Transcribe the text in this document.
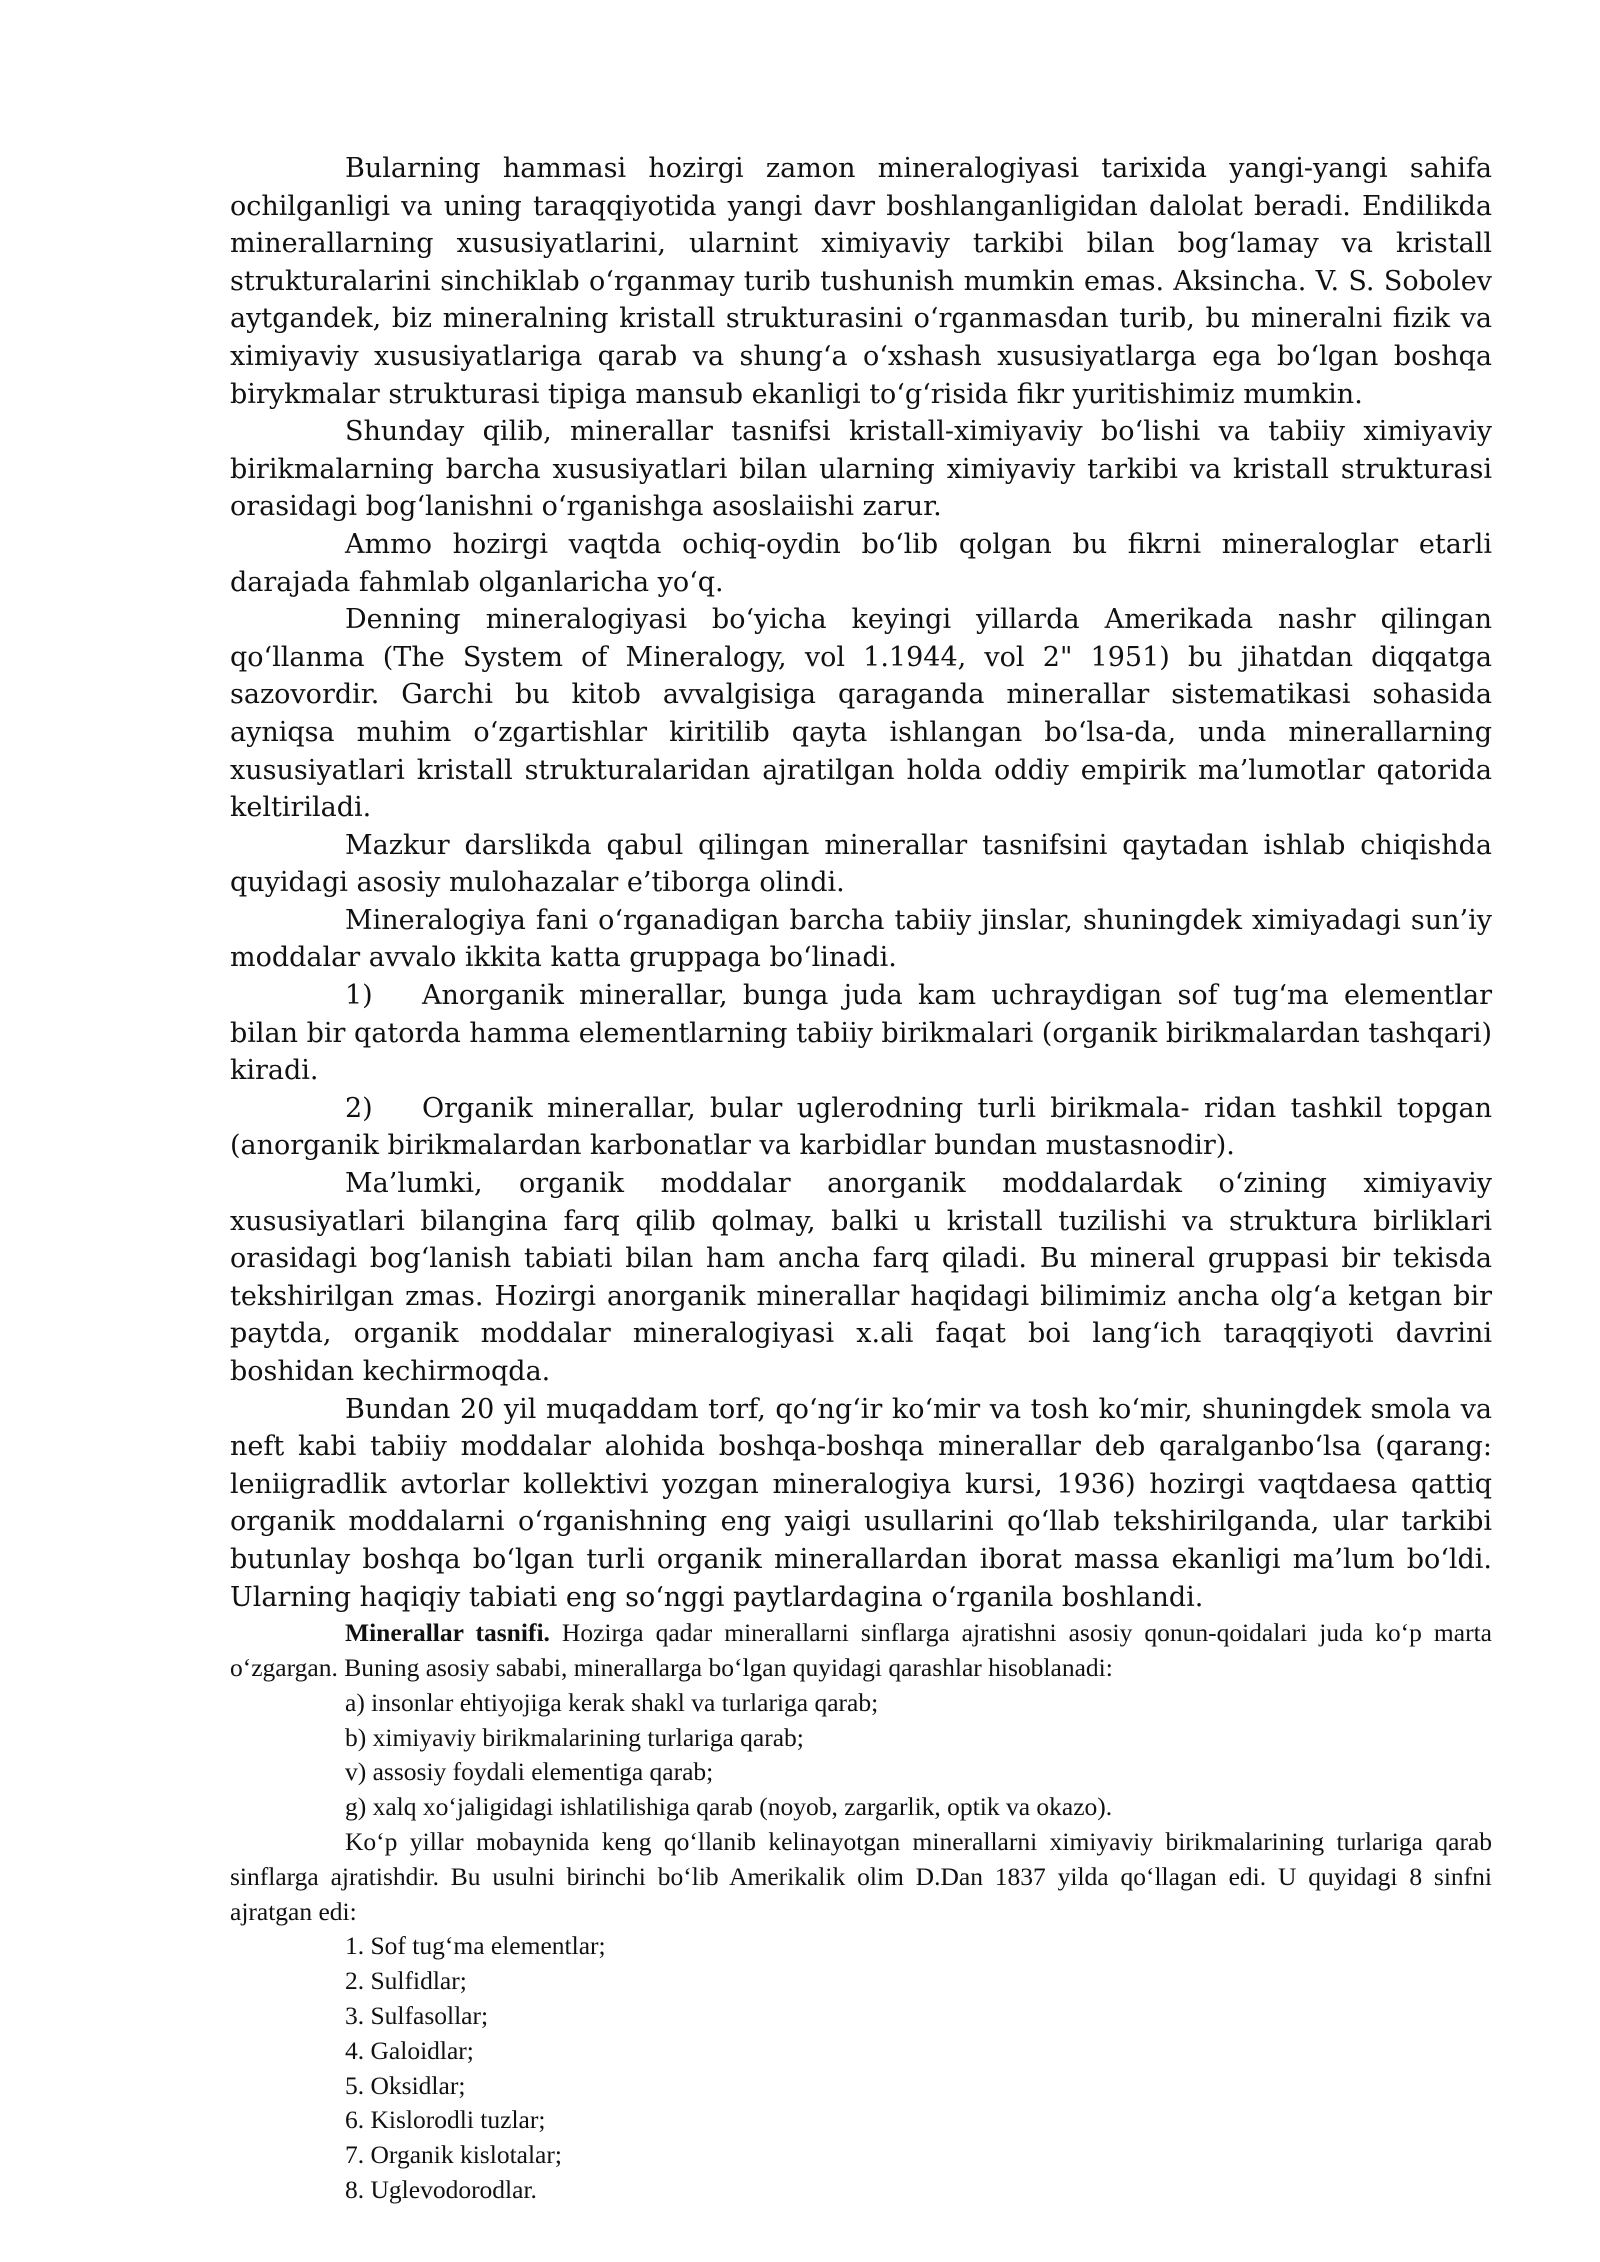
Bularning hammasi hozirgi zamon mineralogiyasi tarixida yangi-yangi sahifa ochilganligi va uning taraqqiyotida yangi davr boshlanganligidan dalolat beradi. Endilikda minerallarning xususiyatlarini, ularnint ximiyaviy tarkibi bilan bog‘lamay va kristall strukturalarini sinchiklab o‘rganmay turib tushunish mumkin emas. Aksincha. V. S. Sobolev aytgandek, biz mineralning kristall strukturasini o‘rganmasdan turib, bu mineralni fizik va ximiyaviy xususiyatlariga qarab va shung‘a o‘xshash xususiyatlarga ega bo‘lgan boshqa birykmalar strukturasi tipiga mansub ekanligi to‘g‘risida fikr yuritishimiz mumkin.

Shunday qilib, minerallar tasnifsi kristall-ximiyaviy bo‘lishi va tabiiy ximiyaviy birikmalarning barcha xususiyatlari bilan ularning ximiyaviy tarkibi va kristall strukturasi orasidagi bog‘lanishni o‘rganishga asoslaiishi zarur.

Ammo hozirgi vaqtda ochiq-oydin bo‘lib qolgan bu fikrni mineraloglar etarli darajada fahmlab olganlaricha yo‘q.

Denning mineralogiyasi bo‘yicha keyingi yillarda Amerikada nashr qilingan qo‘llanma (The System of Mineralogy, vol 1.1944, vol 2" 1951) bu jihatdan diqqatga sazovordir. Garchi bu kitob avvalgisiga qaraganda minerallar sistematikasi sohasida ayniqsa muhim o‘zgartishlar kiritilib qayta ishlangan bo‘lsa-da, unda minerallarning xususiyatlari kristall strukturalaridan ajratilgan holda oddiy empirik ma’lumotlar qatorida keltiriladi.

Mazkur darslikda qabul qilingan minerallar tasnifsini qaytadan ishlab chiqishda quyidagi asosiy mulohazalar e’tiborga olindi.

Mineralogiya fani o‘rganadigan barcha tabiiy jinslar, shuningdek ximiyadagi sun’iy moddalar avvalo ikkita katta gruppaga bo‘linadi.

1) Anorganik minerallar, bunga juda kam uchraydigan sof tug‘ma elementlar bilan bir qatorda hamma elementlarning tabiiy birikmalari (organik birikmalardan tashqari) kiradi.

2) Organik minerallar, bular uglerodning turli birikmala- ridan tashkil topgan (anorganik birikmalardan karbonatlar va karbidlar bundan mustasnodir).

Ma’lumki, organik moddalar anorganik moddalardak o‘zining ximiyaviy xususiyatlari bilangina farq qilib qolmay, balki u kristall tuzilishi va struktura birliklari orasidagi bog‘lanish tabiati bilan ham ancha farq qiladi. Bu mineral gruppasi bir tekisda tekshirilgan zmas. Hozirgi anorganik minerallar haqidagi bilimimiz ancha olg‘a ketgan bir paytda, organik moddalar mineralogiyasi x.ali faqat boi lang‘ich taraqqiyoti davrini boshidan kechirmoqda.

Bundan 20 yil muqaddam torf, qo‘ng‘ir ko‘mir va tosh ko‘mir, shuningdek smola va neft kabi tabiiy moddalar alohida boshqa-boshqa minerallar deb qaralganbo‘lsa (qarang: leniigradlik avtorlar kollektivi yozgan mineralogiya kursi, 1936) hozirgi vaqtdaesa qattiq organik moddalarni o‘rganishning eng yaigi usullarini qo‘llab tekshirilganda, ular tarkibi butunlay boshqa bo‘lgan turli organik minerallardan iborat massa ekanligi ma’lum bo‘ldi. Ularning haqiqiy tabiati eng so‘nggi paytlardagina o‘rganila boshlandi.

Minerallar tasnifi. Hozirga qadar minerallarni sinflarga ajratishni asosiy qonun-qoidalari juda ko‘p marta o‘zgargan. Buning asosiy sababi, minerallarga bo‘lgan quyidagi qarashlar hisoblanadi:

a) insonlar ehtiyojiga kerak shakl va turlariga qarab;

b) ximiyaviy birikmalarining turlariga qarab;

v) assosiy foydali elementiga qarab;

g) xalq xo‘jaligidagi ishlatilishiga qarab (noyob, zargarlik, optik va okazo).

Ko‘p yillar mobaynida keng qo‘llanib kelinayotgan minerallarni ximiyaviy birikmalarining turlariga qarab sinflarga ajratishdir. Bu usulni birinchi bo‘lib Amerikalik olim D.Dan 1837 yilda qo‘llagan edi. U quyidagi 8 sinfni ajratgan edi:

1. Sof tug‘ma elementlar;

2. Sulfidlar;

3. Sulfasollar;

4. Galoidlar;

5. Oksidlar;

6. Kislorodli tuzlar;

7. Organik kislotalar;

8. Uglevodorodlar.
